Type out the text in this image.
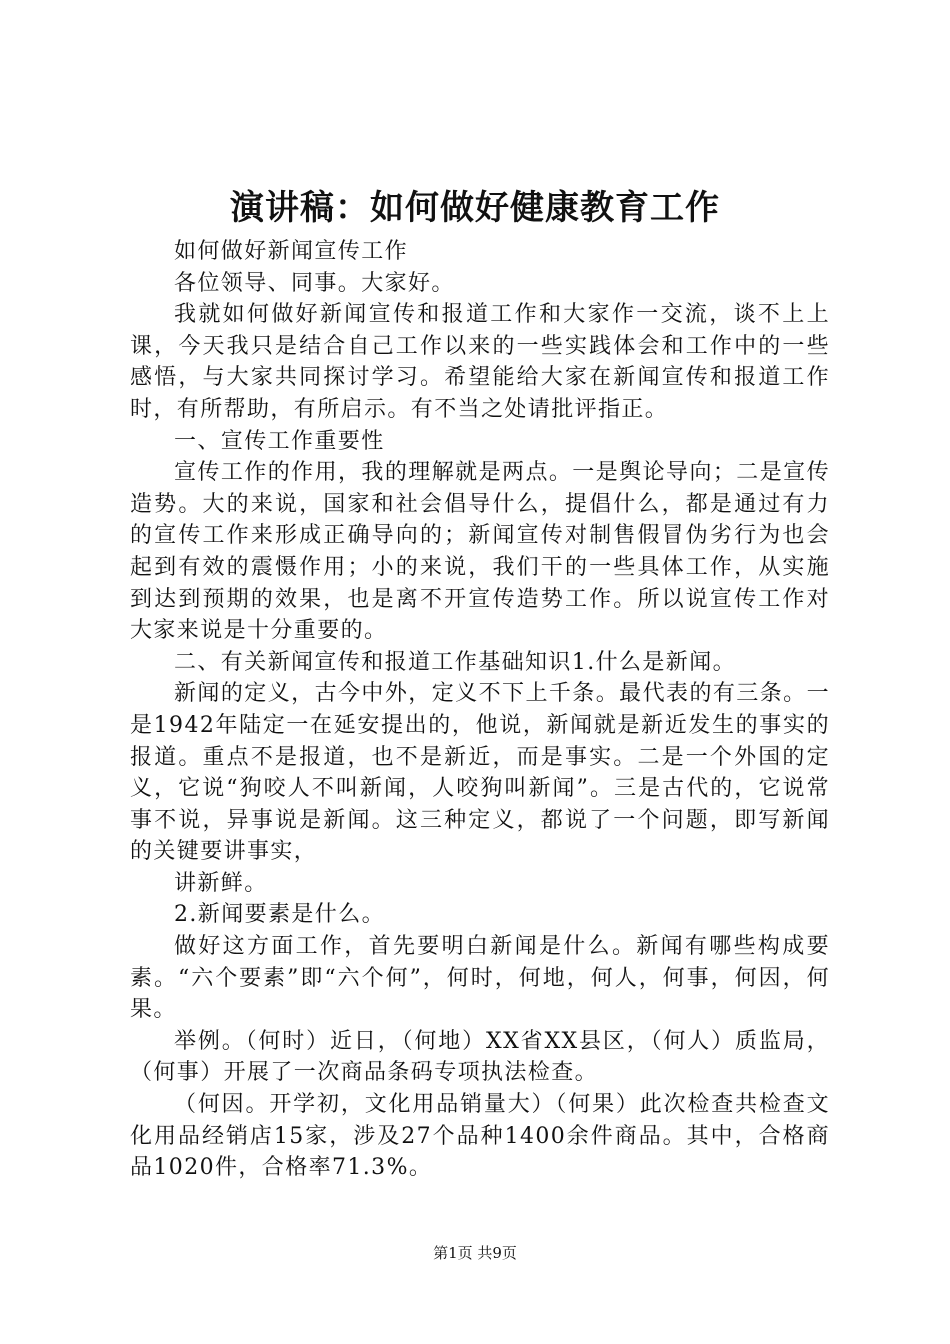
演讲稿：如何做好健康教育工作

如何做好新闻宣传工作

各位领导、同事。大家好。

我就如何做好新闻宣传和报道工作和大家作一交流，谈不上上课，今天我只是结合自己工作以来的一些实践体会和工作中的一些感悟，与大家共同探讨学习。希望能给大家在新闻宣传和报道工作时，有所帮助，有所启示。有不当之处请批评指正。

一、宣传工作重要性

宣传工作的作用，我的理解就是两点。一是舆论导向；二是宣传造势。大的来说，国家和社会倡导什么，提倡什么，都是通过有力的宣传工作来形成正确导向的；新闻宣传对制售假冒伪劣行为也会起到有效的震慑作用；小的来说，我们干的一些具体工作，从实施到达到预期的效果，也是离不开宣传造势工作。所以说宣传工作对大家来说是十分重要的。

二、有关新闻宣传和报道工作基础知识1.什么是新闻。

新闻的定义，古今中外，定义不下上千条。最代表的有三条。一是1942年陆定一在延安提出的，他说，新闻就是新近发生的事实的报道。重点不是报道，也不是新近，而是事实。二是一个外国的定义，它说“狗咬人不叫新闻，人咬狗叫新闻”。三是古代的，它说常事不说，异事说是新闻。这三种定义，都说了一个问题，即写新闻的关键要讲事实，

讲新鲜。

2.新闻要素是什么。

做好这方面工作，首先要明白新闻是什么。新闻有哪些构成要素。“六个要素”即“六个何”，何时，何地，何人，何事，何因，何果。

举例。（何时）近日，（何地）XX省XX县区，（何人）质监局，（何事）开展了一次商品条码专项执法检查。

（何因。开学初，文化用品销量大）（何果）此次检查共检查文化用品经销店15家，涉及27个品种1400余件商品。其中，合格商品1020件，合格率71.3%。

第1页 共9页
